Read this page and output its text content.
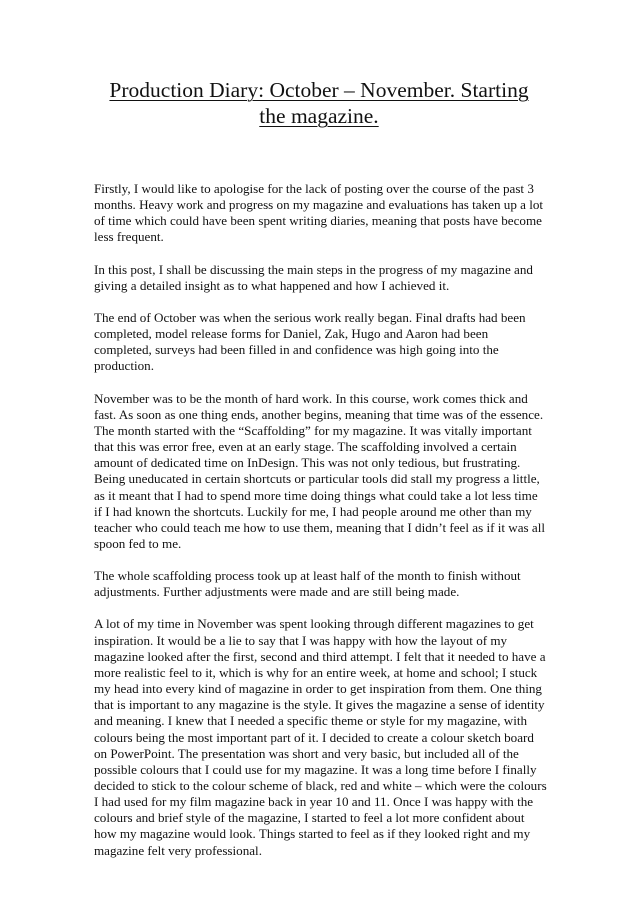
Production Diary: October – November. Starting
the magazine.

Firstly, I would like to apologise for the lack of posting over the course of the past 3
months. Heavy work and progress on my magazine and evaluations has taken up a lot
of time which could have been spent writing diaries, meaning that posts have become
less frequent.

In this post, I shall be discussing the main steps in the progress of my magazine and
giving a detailed insight as to what happened and how I achieved it.

The end of October was when the serious work really began. Final drafts had been
completed, model release forms for Daniel, Zak, Hugo and Aaron had been
completed, surveys had been filled in and confidence was high going into the
production.

November was to be the month of hard work. In this course, work comes thick and
fast. As soon as one thing ends, another begins, meaning that time was of the essence.
The month started with the “Scaffolding” for my magazine. It was vitally important
that this was error free, even at an early stage. The scaffolding involved a certain
amount of dedicated time on InDesign. This was not only tedious, but frustrating.
Being uneducated in certain shortcuts or particular tools did stall my progress a little,
as it meant that I had to spend more time doing things what could take a lot less time
if I had known the shortcuts. Luckily for me, I had people around me other than my
teacher who could teach me how to use them, meaning that I didn’t feel as if it was all
spoon fed to me.

The whole scaffolding process took up at least half of the month to finish without
adjustments. Further adjustments were made and are still being made.

A lot of my time in November was spent looking through different magazines to get
inspiration. It would be a lie to say that I was happy with how the layout of my
magazine looked after the first, second and third attempt. I felt that it needed to have a
more realistic feel to it, which is why for an entire week, at home and school; I stuck
my head into every kind of magazine in order to get inspiration from them. One thing
that is important to any magazine is the style. It gives the magazine a sense of identity
and meaning. I knew that I needed a specific theme or style for my magazine, with
colours being the most important part of it. I decided to create a colour sketch board
on PowerPoint. The presentation was short and very basic, but included all of the
possible colours that I could use for my magazine. It was a long time before I finally
decided to stick to the colour scheme of black, red and white – which were the colours
I had used for my film magazine back in year 10 and 11. Once I was happy with the
colours and brief style of the magazine, I started to feel a lot more confident about
how my magazine would look. Things started to feel as if they looked right and my
magazine felt very professional.
